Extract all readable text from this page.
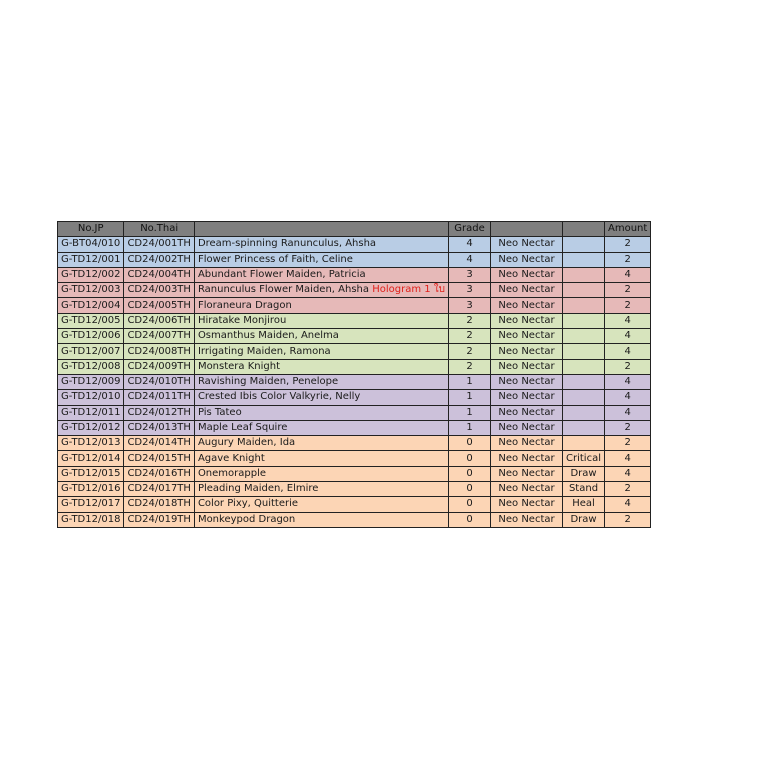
No.JP	No.Thai		Grade			Amount
G-BT04/010	CD24/001TH	Dream-spinning Ranunculus, Ahsha	4	Neo Nectar		2
G-TD12/001	CD24/002TH	Flower Princess of Faith, Celine	4	Neo Nectar		2
G-TD12/002	CD24/004TH	Abundant Flower Maiden, Patricia	3	Neo Nectar		4
G-TD12/003	CD24/003TH	Ranunculus Flower Maiden, Ahsha Hologram 1 ใบ	3	Neo Nectar		2
G-TD12/004	CD24/005TH	Floraneura Dragon	3	Neo Nectar		2
G-TD12/005	CD24/006TH	Hiratake Monjirou	2	Neo Nectar		4
G-TD12/006	CD24/007TH	Osmanthus Maiden, Anelma	2	Neo Nectar		4
G-TD12/007	CD24/008TH	Irrigating Maiden, Ramona	2	Neo Nectar		4
G-TD12/008	CD24/009TH	Monstera Knight	2	Neo Nectar		2
G-TD12/009	CD24/010TH	Ravishing Maiden, Penelope	1	Neo Nectar		4
G-TD12/010	CD24/011TH	Crested Ibis Color Valkyrie, Nelly	1	Neo Nectar		4
G-TD12/011	CD24/012TH	Pis Tateo	1	Neo Nectar		4
G-TD12/012	CD24/013TH	Maple Leaf Squire	1	Neo Nectar		2
G-TD12/013	CD24/014TH	Augury Maiden, Ida	0	Neo Nectar		2
G-TD12/014	CD24/015TH	Agave Knight	0	Neo Nectar	Critical	4
G-TD12/015	CD24/016TH	Onemorapple	0	Neo Nectar	Draw	4
G-TD12/016	CD24/017TH	Pleading Maiden, Elmire	0	Neo Nectar	Stand	2
G-TD12/017	CD24/018TH	Color Pixy, Quitterie	0	Neo Nectar	Heal	4
G-TD12/018	CD24/019TH	Monkeypod Dragon	0	Neo Nectar	Draw	2
